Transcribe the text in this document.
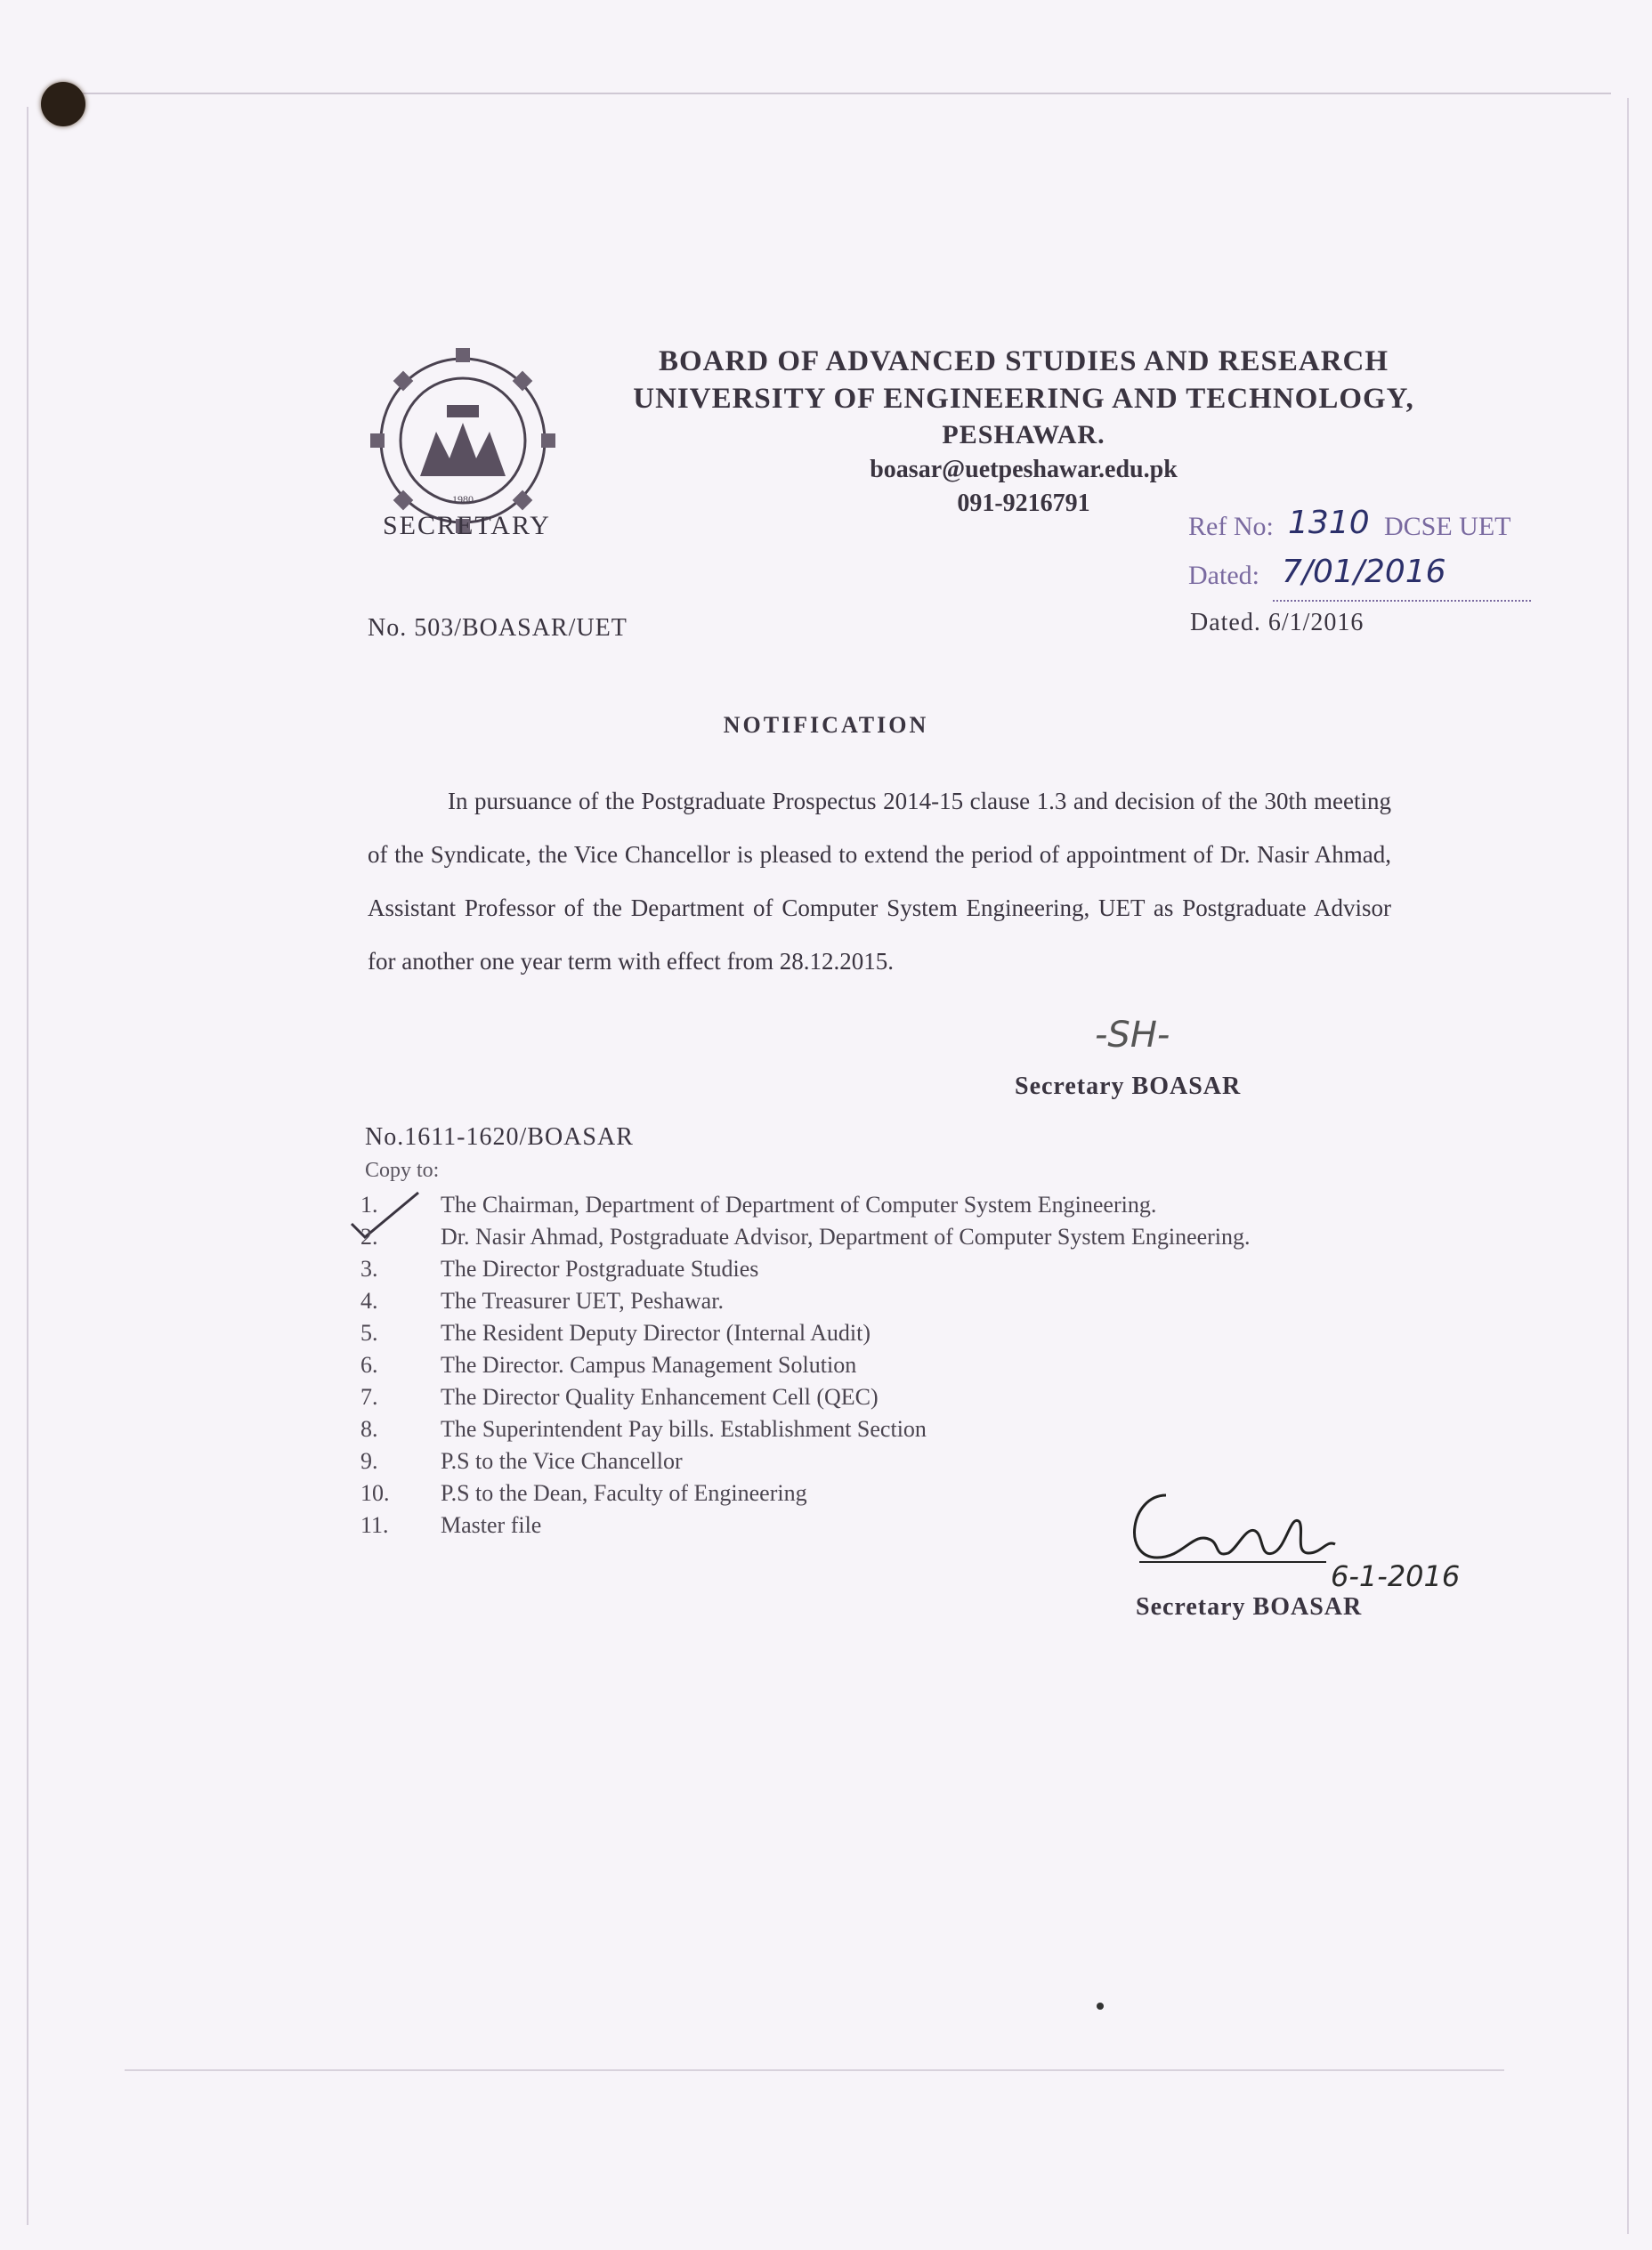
1980
SECRETARY
BOARD OF ADVANCED STUDIES AND RESEARCH
UNIVERSITY OF ENGINEERING AND TECHNOLOGY,
PESHAWAR.
boasar@uetpeshawar.edu.pk
091-9216791
Ref No: 1310 DCSE UET
Dated: 7/01/2016
No. 503/BOASAR/UET	Dated. 6/1/2016
NOTIFICATION
In pursuance of the Postgraduate Prospectus 2014-15 clause 1.3 and decision of the 30th meeting of the Syndicate, the Vice Chancellor is pleased to extend the period of appointment of Dr. Nasir Ahmad, Assistant Professor of the Department of Computer System Engineering, UET as Postgraduate Advisor for another one year term with effect from 28.12.2015.
-SH-
Secretary BOASAR
No.1611-1620/BOASAR
Copy to:
1.	The Chairman, Department of Department of Computer System Engineering.
2.	Dr. Nasir Ahmad, Postgraduate Advisor, Department of Computer System Engineering.
3.	The Director Postgraduate Studies
4.	The Treasurer UET, Peshawar.
5.	The Resident Deputy Director (Internal Audit)
6.	The Director. Campus Management Solution
7.	The Director Quality Enhancement Cell (QEC)
8.	The Superintendent Pay bills. Establishment Section
9.	P.S to the Vice Chancellor
10.	P.S to the Dean, Faculty of Engineering
11.	Master file
6-1-2016
Secretary BOASAR
